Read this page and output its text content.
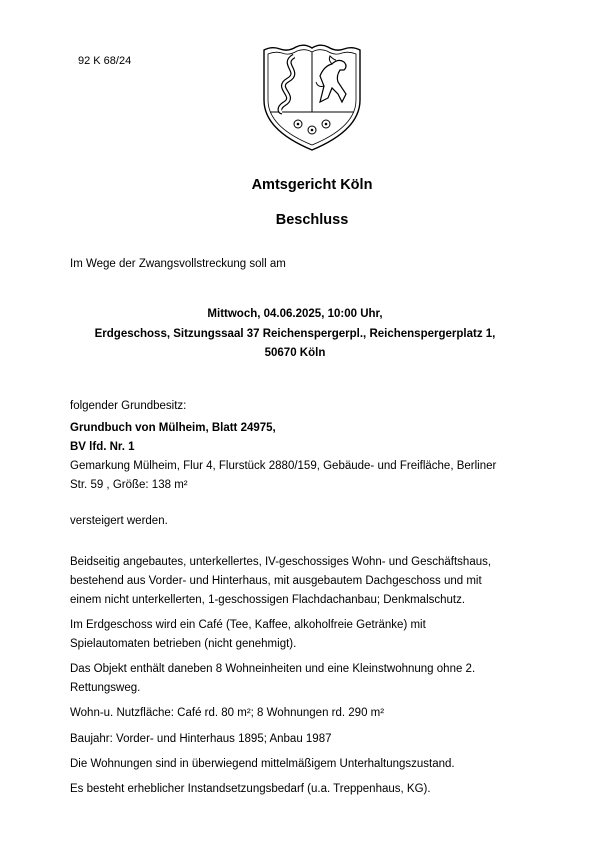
92 K 68/24
Amtsgericht Köln
Beschluss

Im Wege der Zwangsvollstreckung soll am

Mittwoch, 04.06.2025, 10:00 Uhr,

Erdgeschoss, Sitzungssaal 37 Reichenspergerpl., Reichenspergerplatz 1,

50670 Köln

folgender Grundbesitz:

Grundbuch von Mülheim, Blatt 24975,

BV lfd. Nr. 1

Gemarkung Mülheim, Flur 4, Flurstück 2880/159, Gebäude- und Freifläche, Berliner

Str. 59 , Größe: 138 m²

versteigert werden.

Beidseitig angebautes, unterkellertes, IV-geschossiges Wohn- und Geschäftshaus,

bestehend aus Vorder- und Hinterhaus, mit ausgebautem Dachgeschoss und mit

einem nicht unterkellerten, 1-geschossigen Flachdachanbau; Denkmalschutz.

Im Erdgeschoss wird ein Café (Tee, Kaffee, alkoholfreie Getränke) mit

Spielautomaten betrieben (nicht genehmigt).

Das Objekt enthält daneben 8 Wohneinheiten und eine Kleinstwohnung ohne 2.

Rettungsweg.

Wohn-u. Nutzfläche: Café rd. 80 m²; 8 Wohnungen rd. 290 m²

Baujahr: Vorder- und Hinterhaus 1895; Anbau 1987

Die Wohnungen sind in überwiegend mittelmäßigem Unterhaltungszustand.

Es besteht erheblicher Instandsetzungsbedarf (u.a. Treppenhaus, KG).
